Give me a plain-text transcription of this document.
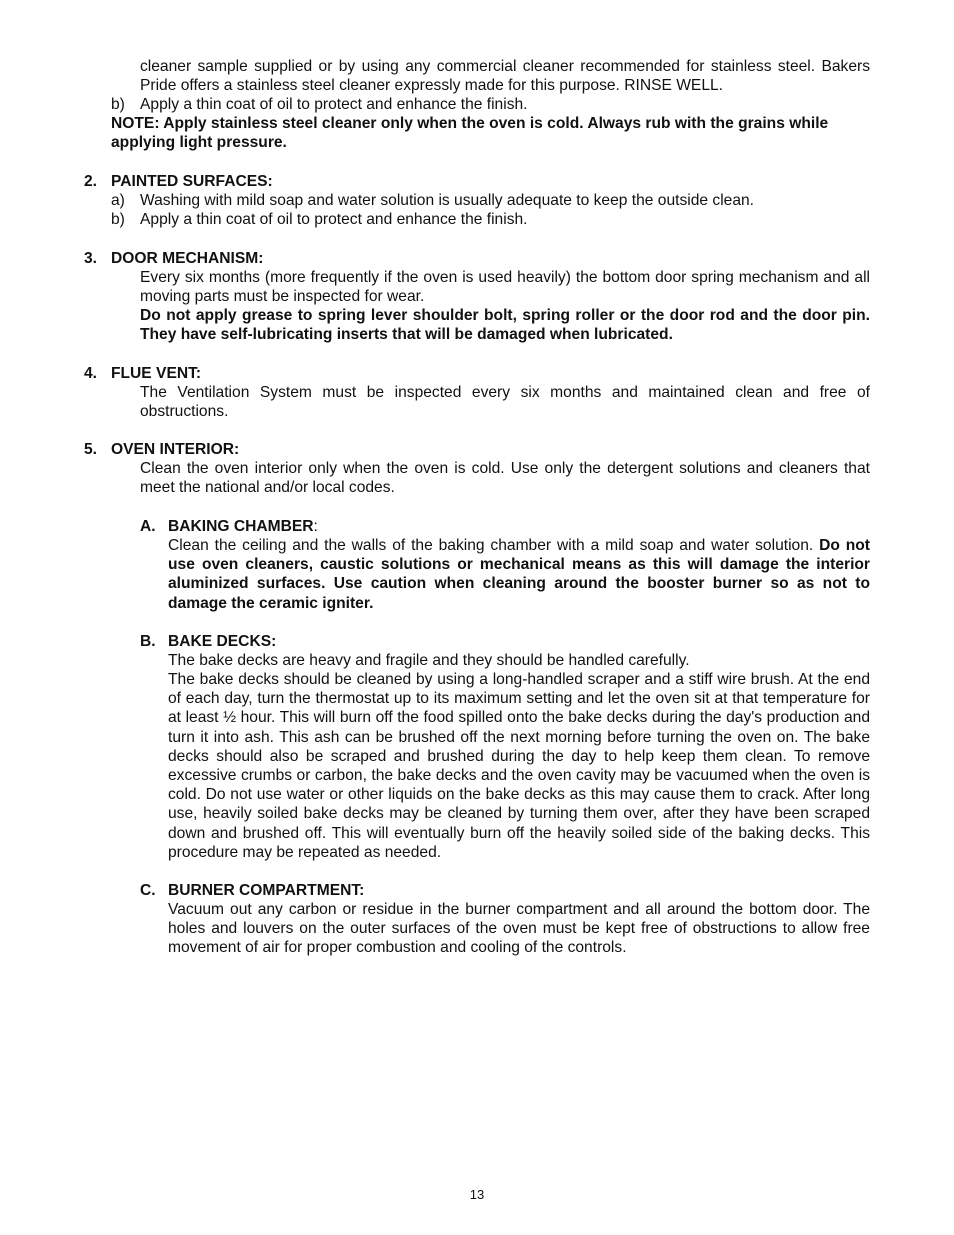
cleaner sample supplied or by using any commercial cleaner recommended for stainless steel. Bakers Pride offers a stainless steel cleaner expressly made for this purpose. RINSE WELL.
b) Apply a thin coat of oil to protect and enhance the finish.
NOTE: Apply stainless steel cleaner only when the oven is cold. Always rub with the grains while applying light pressure.
2. PAINTED SURFACES:
a) Washing with mild soap and water solution is usually adequate to keep the outside clean.
b) Apply a thin coat of oil to protect and enhance the finish.
3. DOOR MECHANISM:
Every six months (more frequently if the oven is used heavily) the bottom door spring mechanism and all moving parts must be inspected for wear.
Do not apply grease to spring lever shoulder bolt, spring roller or the door rod and the door pin. They have self-lubricating inserts that will be damaged when lubricated.
4. FLUE VENT:
The Ventilation System must be inspected every six months and maintained clean and free of obstructions.
5. OVEN INTERIOR:
Clean the oven interior only when the oven is cold. Use only the detergent solutions and cleaners that meet the national and/or local codes.
A. BAKING CHAMBER:
Clean the ceiling and the walls of the baking chamber with a mild soap and water solution. Do not use oven cleaners, caustic solutions or mechanical means as this will damage the interior aluminized surfaces. Use caution when cleaning around the booster burner so as not to damage the ceramic igniter.
B. BAKE DECKS:
The bake decks are heavy and fragile and they should be handled carefully.
The bake decks should be cleaned by using a long-handled scraper and a stiff wire brush. At the end of each day, turn the thermostat up to its maximum setting and let the oven sit at that temperature for at least ½ hour. This will burn off the food spilled onto the bake decks during the day's production and turn it into ash. This ash can be brushed off the next morning before turning the oven on. The bake decks should also be scraped and brushed during the day to help keep them clean. To remove excessive crumbs or carbon, the bake decks and the oven cavity may be vacuumed when the oven is cold. Do not use water or other liquids on the bake decks as this may cause them to crack. After long use, heavily soiled bake decks may be cleaned by turning them over, after they have been scraped down and brushed off. This will eventually burn off the heavily soiled side of the baking decks. This procedure may be repeated as needed.
C. BURNER COMPARTMENT:
Vacuum out any carbon or residue in the burner compartment and all around the bottom door. The holes and louvers on the outer surfaces of the oven must be kept free of obstructions to allow free movement of air for proper combustion and cooling of the controls.
13
